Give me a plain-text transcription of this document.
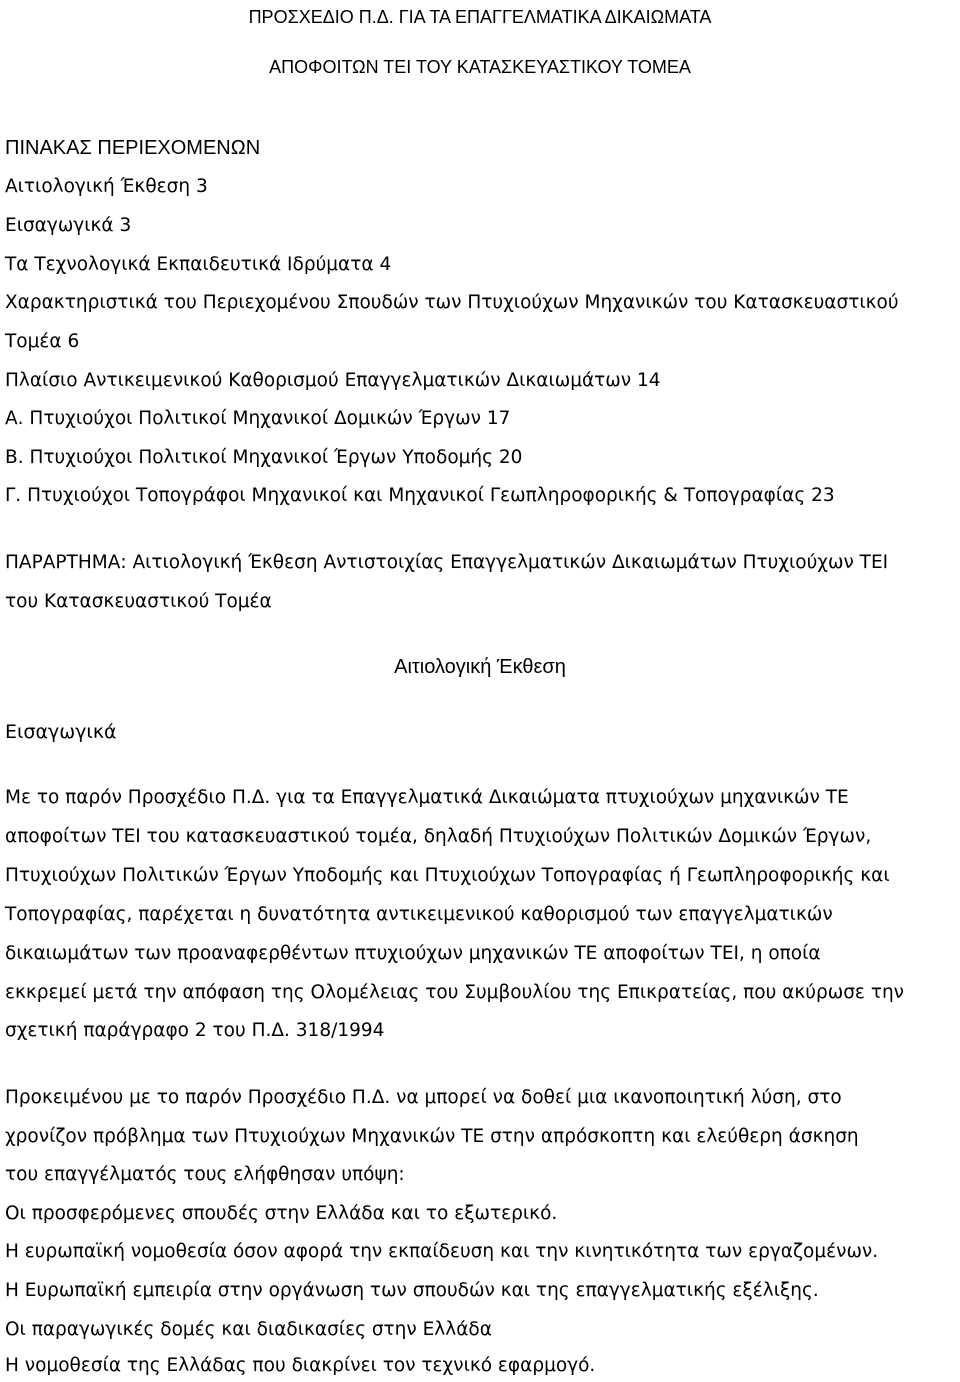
ΠΡΟΣΧΕΔΙΟ Π.Δ. ΓΙΑ ΤΑ ΕΠΑΓΓΕΛΜΑΤΙΚΑ ΔΙΚΑΙΩΜΑΤΑ
ΑΠΟΦΟΙΤΩΝ ΤΕΙ ΤΟΥ ΚΑΤΑΣΚΕΥΑΣΤΙΚΟΥ ΤΟΜΕΑ
ΠΙΝΑΚΑΣ ΠΕΡΙΕΧΟΜΕΝΩΝ
Αιτιολογική Έκθεση 3
Εισαγωγικά 3
Τα Τεχνολογικά Εκπαιδευτικά Ιδρύματα 4
Χαρακτηριστικά του Περιεχομένου Σπουδών των Πτυχιούχων Μηχανικών του Κατασκευαστικού
Τομέα 6
Πλαίσιο Αντικειμενικού Καθορισμού Επαγγελματικών Δικαιωμάτων 14
Α. Πτυχιούχοι Πολιτικοί Μηχανικοί Δομικών Έργων 17
Β. Πτυχιούχοι Πολιτικοί Μηχανικοί Έργων Υποδομής 20
Γ. Πτυχιούχοι Τοπογράφοι Μηχανικοί και Μηχανικοί Γεωπληροφορικής & Τοπογραφίας 23
ΠΑΡΑΡΤΗΜΑ: Αιτιολογική Έκθεση Αντιστοιχίας Επαγγελματικών Δικαιωμάτων Πτυχιούχων ΤΕΙ
του Κατασκευαστικού Τομέα
Αιτιολογική Έκθεση
Εισαγωγικά
Με το παρόν Προσχέδιο Π.Δ. για τα Επαγγελματικά Δικαιώματα πτυχιούχων μηχανικών ΤΕ
αποφοίτων ΤΕΙ του κατασκευαστικού τομέα, δηλαδή Πτυχιούχων Πολιτικών Δομικών Έργων,
Πτυχιούχων Πολιτικών Έργων Υποδομής και Πτυχιούχων Τοπογραφίας ή Γεωπληροφορικής και
Τοπογραφίας, παρέχεται η δυνατότητα αντικειμενικού καθορισμού των επαγγελματικών
δικαιωμάτων των προαναφερθέντων πτυχιούχων μηχανικών ΤΕ αποφοίτων ΤΕΙ, η οποία
εκκρεμεί μετά την απόφαση της Ολομέλειας του Συμβουλίου της Επικρατείας, που ακύρωσε την
σχετική παράγραφο 2 του Π.Δ. 318/1994
Προκειμένου με το παρόν Προσχέδιο Π.Δ. να μπορεί να δοθεί μια ικανοποιητική λύση, στο
χρονίζον πρόβλημα των Πτυχιούχων Μηχανικών ΤΕ στην απρόσκοπτη και ελεύθερη άσκηση
του επαγγέλματός τους ελήφθησαν υπόψη:
Οι προσφερόμενες σπουδές στην Ελλάδα και το εξωτερικό.
Η ευρωπαϊκή νομοθεσία όσον αφορά την εκπαίδευση και την κινητικότητα των εργαζομένων.
Η Ευρωπαϊκή εμπειρία στην οργάνωση των σπουδών και της επαγγελματικής εξέλιξης.
Οι παραγωγικές δομές και διαδικασίες στην Ελλάδα
Η νομοθεσία της Ελλάδας που διακρίνει τον τεχνικό εφαρμογό.
